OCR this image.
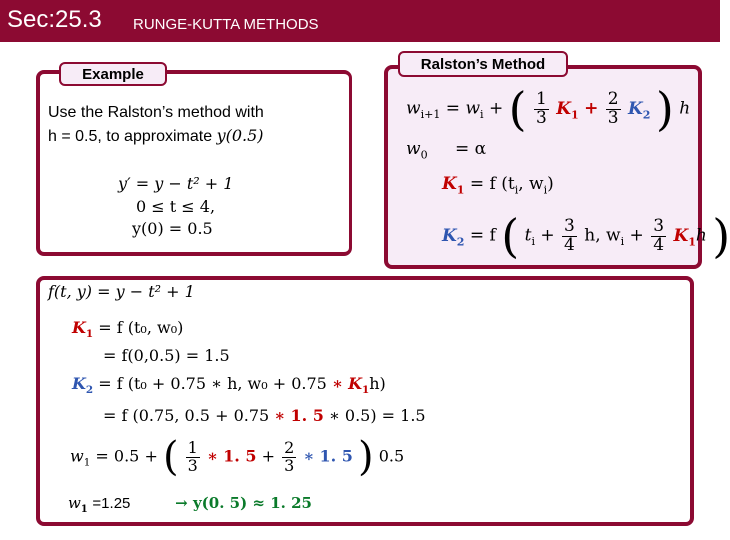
Sec:25.3 RUNGE-KUTTA METHODS
Example
Use the Ralston’s method with
h = 0.5, to approximate y(0.5)
y′ = y − t² + 1
0 ≤ t ≤ 4,
y(0) = 0.5
Ralston’s Method
$w_{i+1} = w_i$ + ( $\frac{1}{3} K_1 + \frac{2}{3} K_2$ ) h
$w_0 = \alpha$
$K_1 = f$ ($t_i$, $w_i$)
$K_2 = f$ ( $t_i + \frac{3}{4} h$, $w_i + \frac{3}{4} K_1h$ )
f(t, y) = y − t² + 1
$K_1 = f$ (t₀, w₀)
= f(0,0.5) = 1.5
$K_2 = f$ (t₀ + 0.75 ∗ h, w₀ + 0.75 ∗ $K_1h$)
= f (0.75, 0.5 + 0.75 ∗ 1. 5 ∗ 0.5) = 1.5
$w_1 = 0.5$ + ( $\frac{1}{3}$ ∗ 1. $5 + \frac{2}{3}$ ∗ 1. 5 ) 0.5
$w_1 =1.25$	→ y(0. 5) ≈ 1. 25
